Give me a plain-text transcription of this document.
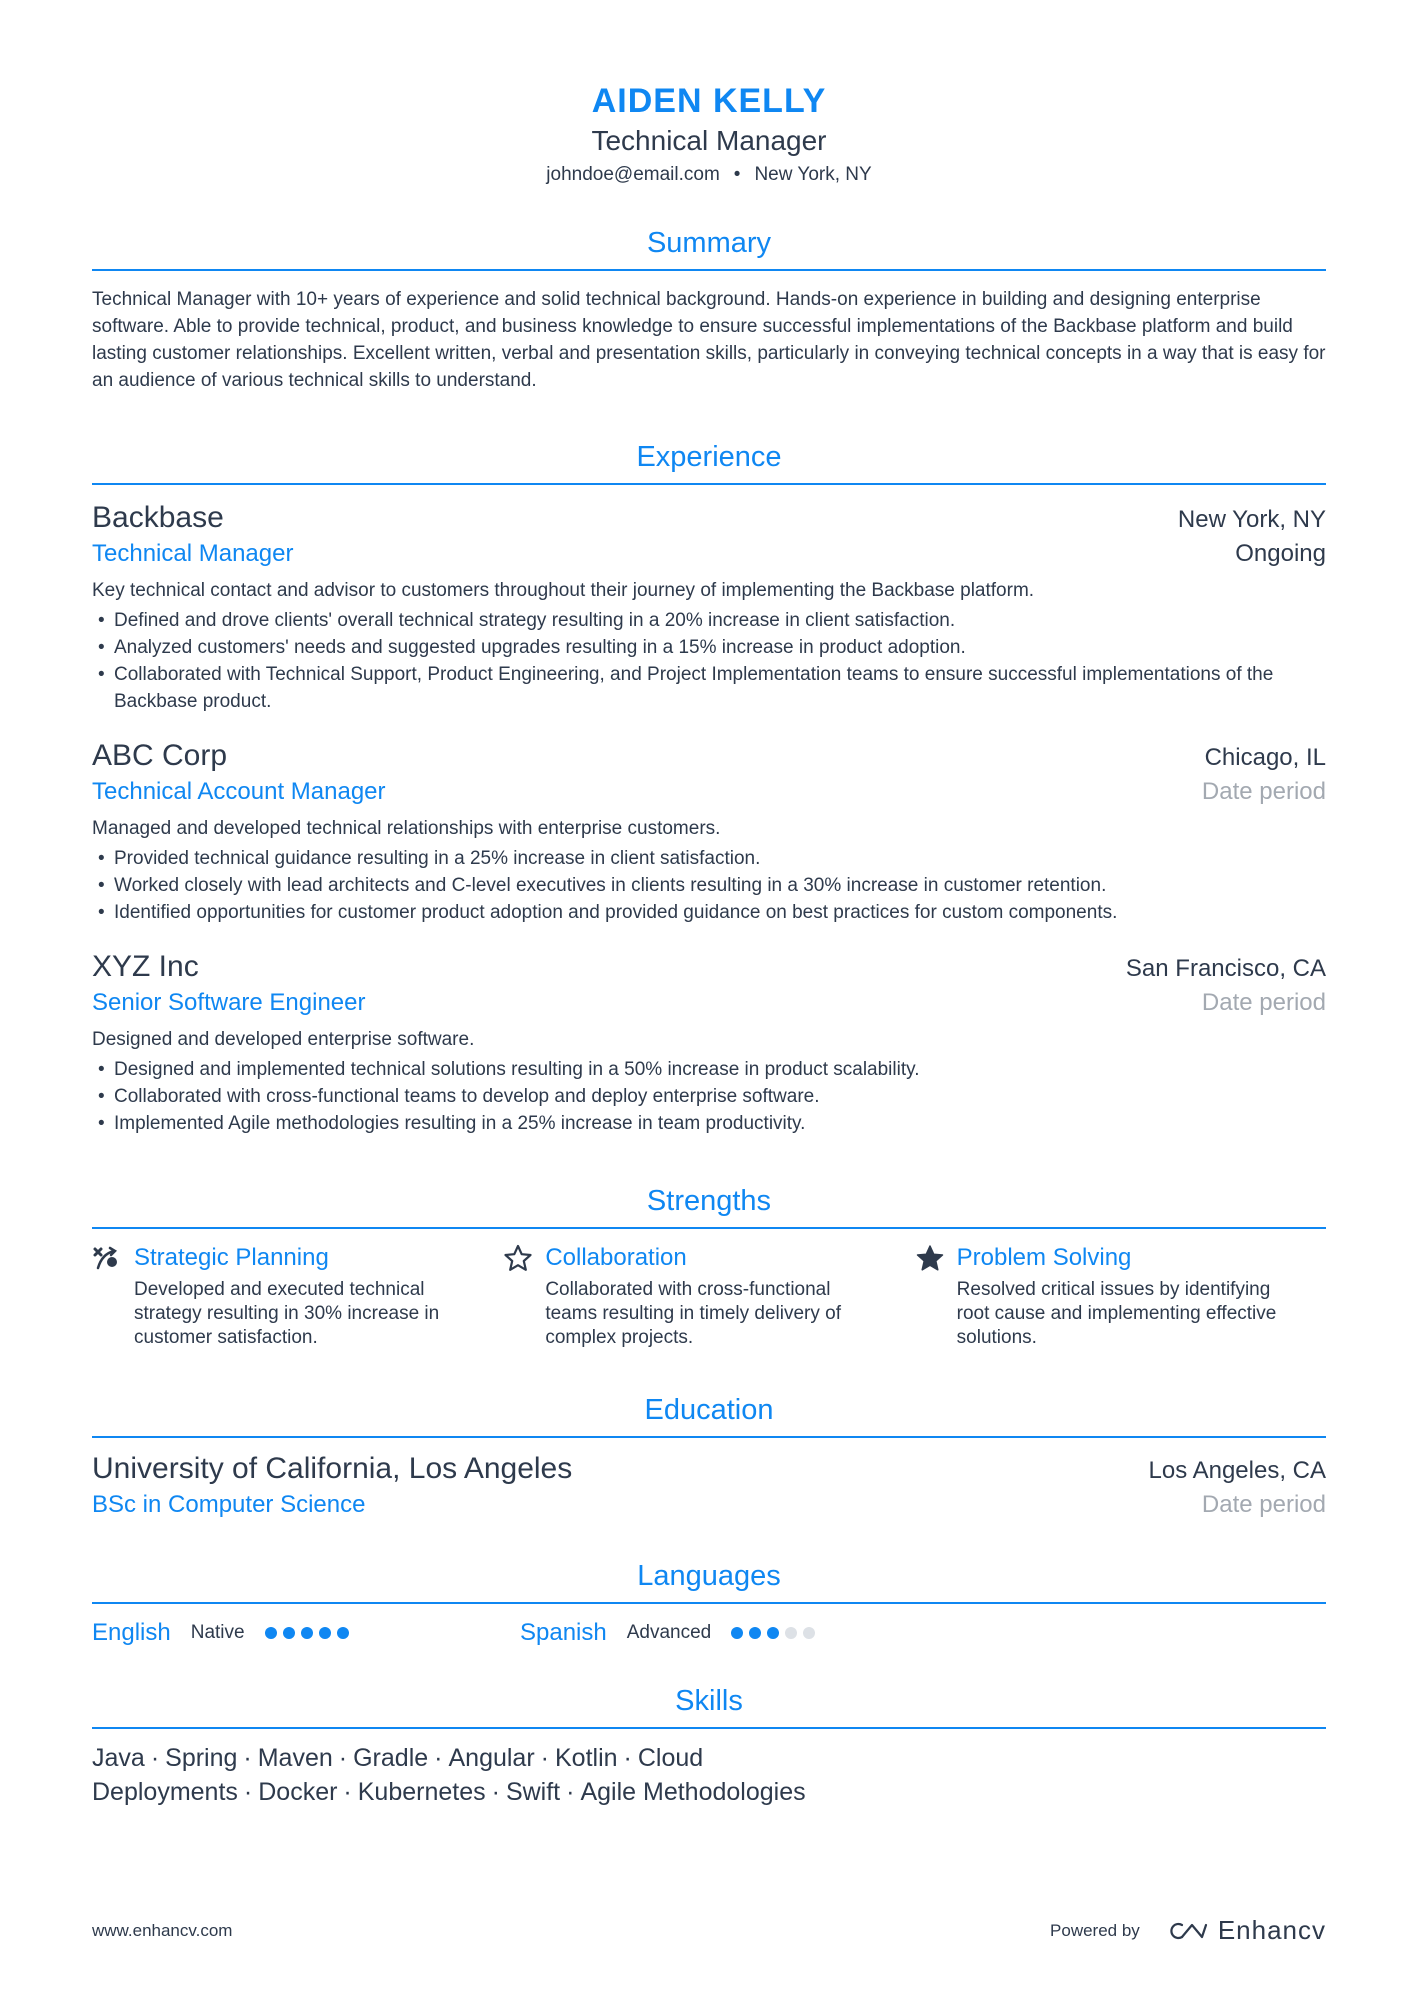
AIDEN KELLY
Technical Manager
johndoe@email.com • New York, NY
Summary
Technical Manager with 10+ years of experience and solid technical background. Hands-on experience in building and designing enterprise software. Able to provide technical, product, and business knowledge to ensure successful implementations of the Backbase platform and build lasting customer relationships. Excellent written, verbal and presentation skills, particularly in conveying technical concepts in a way that is easy for an audience of various technical skills to understand.
Experience
Backbase	New York, NY
Technical Manager	Ongoing
Key technical contact and advisor to customers throughout their journey of implementing the Backbase platform.
• Defined and drove clients' overall technical strategy resulting in a 20% increase in client satisfaction.
• Analyzed customers' needs and suggested upgrades resulting in a 15% increase in product adoption.
• Collaborated with Technical Support, Product Engineering, and Project Implementation teams to ensure successful implementations of the Backbase product.
ABC Corp	Chicago, IL
Technical Account Manager	Date period
Managed and developed technical relationships with enterprise customers.
• Provided technical guidance resulting in a 25% increase in client satisfaction.
• Worked closely with lead architects and C-level executives in clients resulting in a 30% increase in customer retention.
• Identified opportunities for customer product adoption and provided guidance on best practices for custom components.
XYZ Inc	San Francisco, CA
Senior Software Engineer	Date period
Designed and developed enterprise software.
• Designed and implemented technical solutions resulting in a 50% increase in product scalability.
• Collaborated with cross-functional teams to develop and deploy enterprise software.
• Implemented Agile methodologies resulting in a 25% increase in team productivity.
Strengths
Strategic Planning
Developed and executed technical strategy resulting in 30% increase in customer satisfaction.
Collaboration
Collaborated with cross-functional teams resulting in timely delivery of complex projects.
Problem Solving
Resolved critical issues by identifying root cause and implementing effective solutions.
Education
University of California, Los Angeles	Los Angeles, CA
BSc in Computer Science	Date period
Languages
English Native	Spanish Advanced
Skills
Java · Spring · Maven · Gradle · Angular · Kotlin · Cloud Deployments · Docker · Kubernetes · Swift · Agile Methodologies
www.enhancv.com	Powered by	Enhancv
